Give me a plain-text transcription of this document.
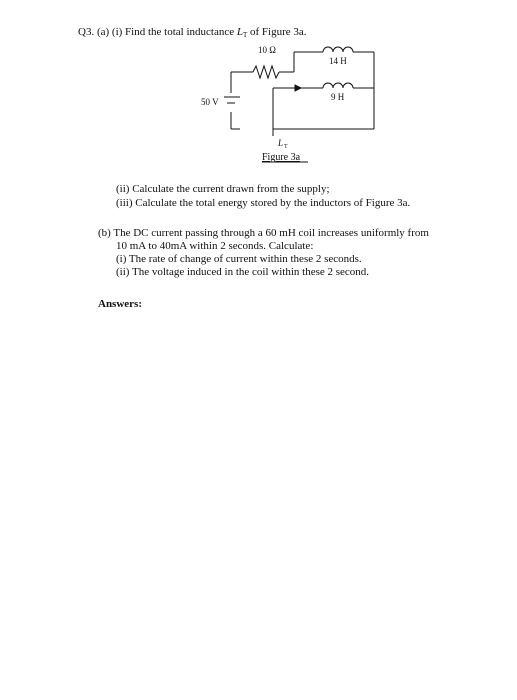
Q3. (a) (i) Find the total inductance $L_T$ of Figure 3a.
10 Ω
14 H
9 H
50 V
L T
Figure 3a
(ii) Calculate the current drawn from the supply;
(iii) Calculate the total energy stored by the inductors of Figure 3a.
(b) The DC current passing through a 60 mH coil increases uniformly from
10 mA to 40mA within 2 seconds. Calculate:
(i) The rate of change of current within these 2 seconds.
(ii) The voltage induced in the coil within these 2 second.
Answers:
